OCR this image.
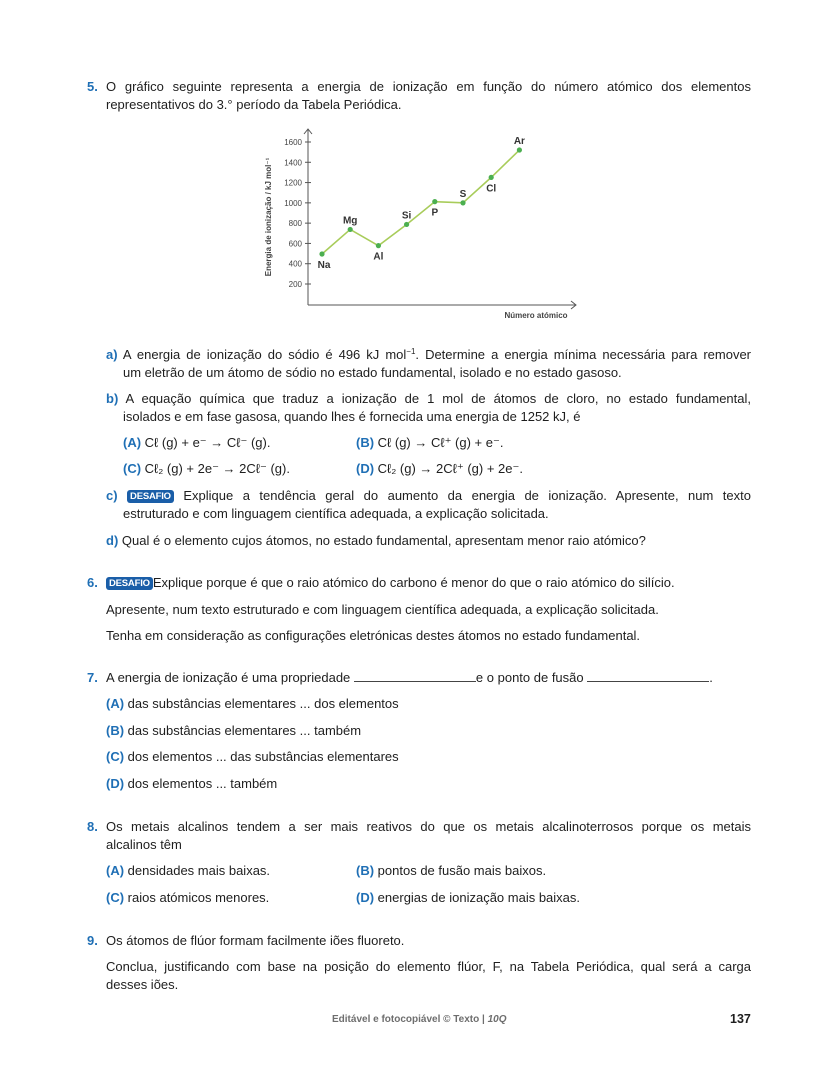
5. O gráfico seguinte representa a energia de ionização em função do número atómico dos elementos
representativos do 3.° período da Tabela Periódica.
200
400
600
800
1000
1200
1400
1600
Energia de ionização / kJ mol⁻¹
Número atómico
Na
Mg
Al
Si P
S Cl
Ar
a) A energia de ionização do sódio é 496 kJ mol$^{-1}$. Determine a energia mínima necessária para remover
um eletrão de um átomo de sódio no estado fundamental, isolado e no estado gasoso.
b) A equação química que traduz a ionização de 1 mol de átomos de cloro, no estado fundamental,
isolados e em fase gasosa, quando lhes é fornecida uma energia de 1252 kJ, é
(A) Cℓ (g) + e⁻ → Cℓ⁻ (g).	(B) Cℓ (g) → Cℓ⁺ (g) + e⁻.
(C) Cℓ₂ (g) + 2e⁻ → 2Cℓ⁻ (g).	(D) Cℓ₂ (g) → 2Cℓ⁺ (g) + 2e⁻.
c) DESAFIO Explique a tendência geral do aumento da energia de ionização. Apresente, num texto
estruturado e com linguagem científica adequada, a explicação solicitada.
d) Qual é o elemento cujos átomos, no estado fundamental, apresentam menor raio atómico?
6.	DESAFIO Explique porque é que o raio atómico do carbono é menor do que o raio atómico do silício.
Apresente, num texto estruturado e com linguagem científica adequada, a explicação solicitada.
Tenha em consideração as configurações eletrónicas destes átomos no estado fundamental.
7. A energia de ionização é uma propriedade	e o ponto de fusão	.
(A) das substâncias elementares ... dos elementos
(B) das substâncias elementares ... também
(C) dos elementos ... das substâncias elementares
(D) dos elementos ... também
8. Os metais alcalinos tendem a ser mais reativos do que os metais alcalinoterrosos porque os metais
alcalinos têm
(A) densidades mais baixas.	(B) pontos de fusão mais baixos.
(C) raios atómicos menores.	(D) energias de ionização mais baixas.
9. Os átomos de flúor formam facilmente iões fluoreto.
Conclua, justificando com base na posição do elemento flúor, F, na Tabela Periódica, qual será a carga
desses iões.
Editável e fotocopiável © Texto | 10Q	137
